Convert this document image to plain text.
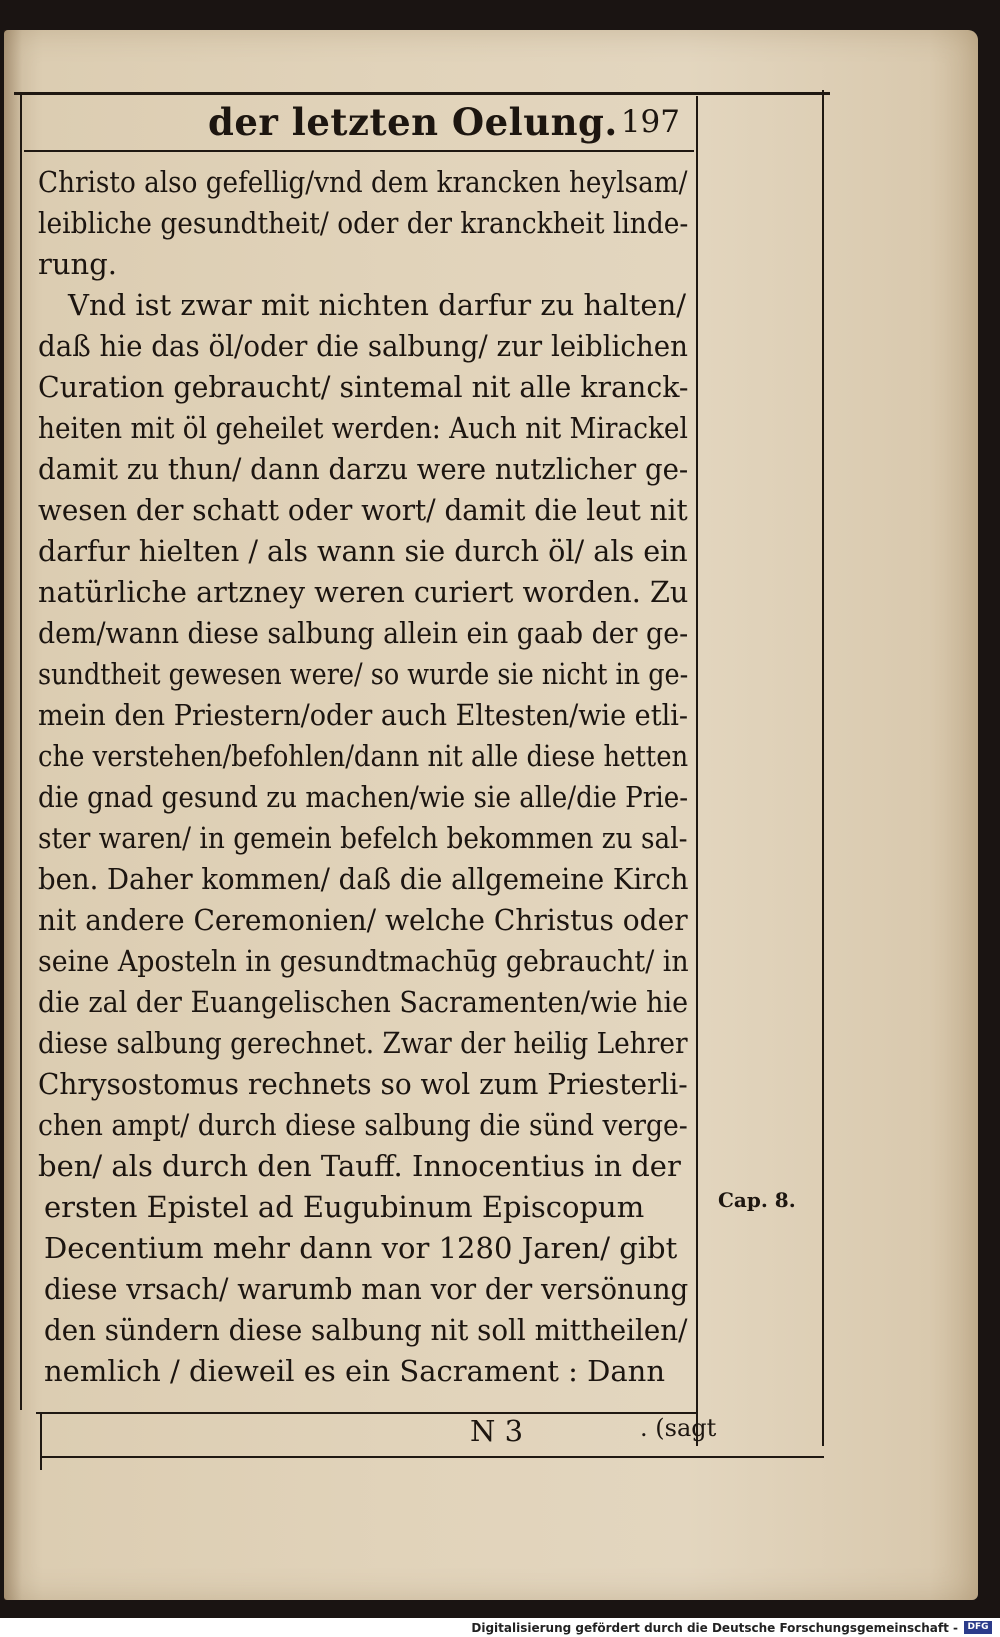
der letzten Oelung. 197
Christo also gefellig/vnd dem krancken heylsam/
leibliche gesundtheit/ oder der kranckheit linde-
rung.
Vnd ist zwar mit nichten darfur zu halten/
daß hie das öl/oder die salbung/ zur leiblichen
Curation gebraucht/ sintemal nit alle kranck-
heiten mit öl geheilet werden: Auch nit Mirackel
damit zu thun/ dann darzu were nutzlicher ge-
wesen der schatt oder wort/ damit die leut nit
darfur hielten / als wann sie durch öl/ als ein
natürliche artzney weren curiert worden. Zu
dem/wann diese salbung allein ein gaab der ge-
sundtheit gewesen were/ so wurde sie nicht in ge-
mein den Priestern/oder auch Eltesten/wie etli-
che verstehen/befohlen/dann nit alle diese hetten
die gnad gesund zu machen/wie sie alle/die Prie-
ster waren/ in gemein befelch bekommen zu sal-
ben. Daher kommen/ daß die allgemeine Kirch
nit andere Ceremonien/ welche Christus oder
seine Aposteln in gesundtmachūg gebraucht/ in
die zal der Euangelischen Sacramenten/wie hie
diese salbung gerechnet. Zwar der heilig Lehrer
Chrysostomus rechnets so wol zum Priesterli-
chen ampt/ durch diese salbung die sünd verge-
ben/ als durch den Tauff. Innocentius in der
ersten Epistel ad Eugubinum Episcopum
Decentium mehr dann vor 1280 Jaren/ gibt
diese vrsach/ warumb man vor der versönung
den sündern diese salbung nit soll mittheilen/
nemlich / dieweil es ein Sacrament : Dann
Cap. 8.
N 3	. (sagt
Digitalisierung gefördert durch die Deutsche Forschungsgemeinschaft -	DFG
